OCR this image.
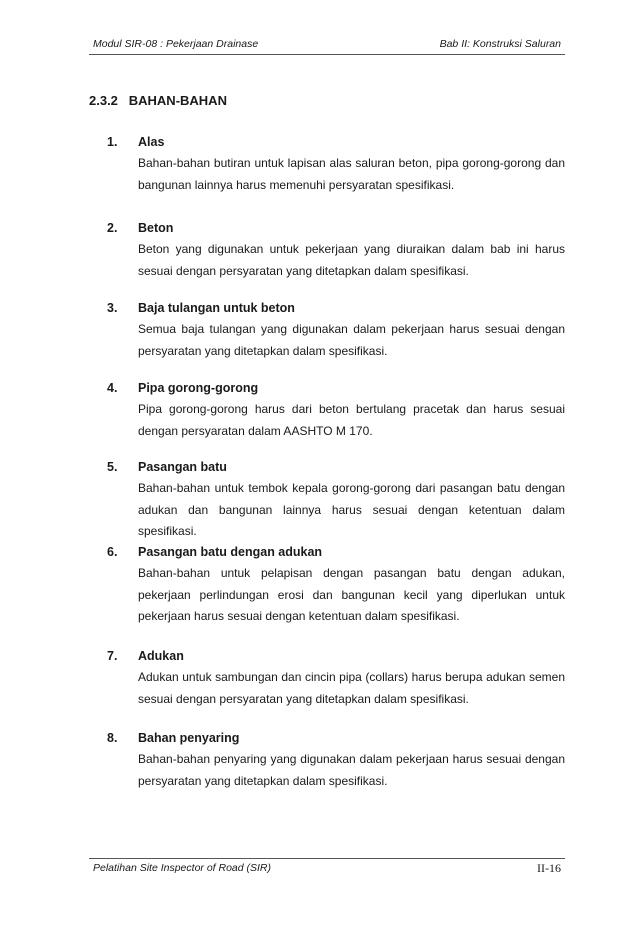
Modul SIR-08 : Pekerjaan Drainase	Bab II: Konstruksi Saluran
2.3.2   BAHAN-BAHAN
1. Alas

Bahan-bahan butiran untuk lapisan alas saluran beton, pipa gorong-gorong dan bangunan lainnya harus memenuhi persyaratan spesifikasi.

2. Beton

Beton yang digunakan untuk pekerjaan yang diuraikan dalam bab ini harus sesuai dengan persyaratan yang ditetapkan dalam spesifikasi.

3. Baja tulangan untuk beton

Semua baja tulangan yang digunakan dalam pekerjaan harus sesuai dengan persyaratan yang ditetapkan dalam spesifikasi.

4. Pipa gorong-gorong

Pipa gorong-gorong harus dari beton bertulang pracetak dan harus sesuai dengan persyaratan dalam AASHTO M 170.

5. Pasangan batu

Bahan-bahan untuk tembok kepala gorong-gorong dari pasangan batu dengan adukan dan bangunan lainnya harus sesuai dengan ketentuan dalam spesifikasi.

6. Pasangan batu dengan adukan

Bahan-bahan untuk pelapisan dengan pasangan batu dengan adukan, pekerjaan perlindungan erosi dan bangunan kecil yang diperlukan untuk pekerjaan harus sesuai dengan ketentuan dalam spesifikasi.

7. Adukan

Adukan untuk sambungan dan cincin pipa (collars) harus berupa adukan semen sesuai dengan persyaratan yang ditetapkan dalam spesifikasi.

8. Bahan penyaring

Bahan-bahan penyaring yang digunakan dalam pekerjaan harus sesuai dengan persyaratan yang ditetapkan dalam spesifikasi.

Pelatihan Site Inspector of Road (SIR)	II-16
